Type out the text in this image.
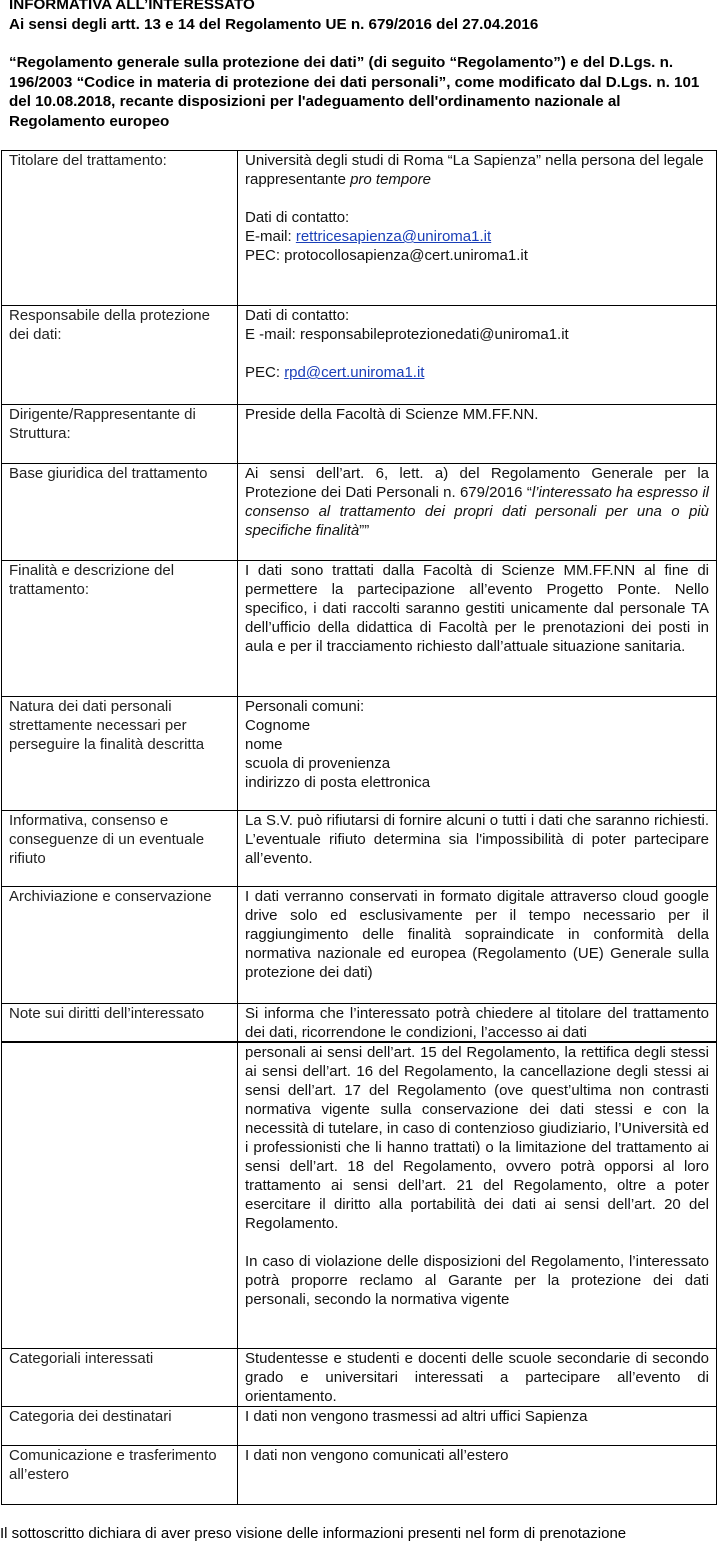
INFORMATIVA ALL’INTERESSATO
Ai sensi degli artt. 13 e 14 del Regolamento UE n. 679/2016 del 27.04.2016
“Regolamento generale sulla protezione dei dati” (di seguito “Regolamento”) e del D.Lgs. n. 196/2003 “Codice in materia di protezione dei dati personali”, come modificato dal D.Lgs. n. 101 del 10.08.2018, recante disposizioni per l'adeguamento dell'ordinamento nazionale al Regolamento europeo
Titolare del trattamento:	Università degli studi di Roma “La Sapienza” nella persona del legale rappresentante pro tempore
Dati di contatto:
E-mail: rettricesapienza@uniroma1.it
PEC: protocollosapienza@cert.uniroma1.it

Responsabile della protezione dei dati:	Dati di contatto:
E -mail: responsabileprotezionedati@uniroma1.it
PEC: rpd@cert.uniroma1.it

Dirigente/Rappresentante di Struttura:	Preside della Facoltà di Scienze MM.FF.NN.
Base giuridica del trattamento	Ai sensi dell’art. 6, lett. a) del Regolamento Generale per la Protezione dei Dati Personali n. 679/2016 “l’interessato ha espresso il consenso al trattamento dei propri dati personali per una o più specifiche finalità””
Finalità e descrizione del trattamento:	I dati sono trattati dalla Facoltà di Scienze MM.FF.NN al fine di permettere la partecipazione all’evento Progetto Ponte. Nello specifico, i dati raccolti saranno gestiti unicamente dal personale TA dell’ufficio della didattica di Facoltà per le prenotazioni dei posti in aula e per il tracciamento richiesto dall’attuale situazione sanitaria.
Natura dei dati personali strettamente necessari per perseguire la finalità descritta	Personali comuni:
Cognome
nome
scuola di provenienza
indirizzo di posta elettronica

Informativa, consenso e conseguenze di un eventuale rifiuto	La S.V. può rifiutarsi di fornire alcuni o tutti i dati che saranno richiesti. L’eventuale rifiuto determina sia l'impossibilità di poter partecipare all’evento.
Archiviazione e conservazione	I dati verranno conservati in formato digitale attraverso cloud google drive solo ed esclusivamente per il tempo necessario per il raggiungimento delle finalità sopraindicate in conformità della normativa nazionale ed europea (Regolamento (UE) Generale sulla protezione dei dati)
Note sui diritti dell’interessato	Si informa che l’interessato potrà chiedere al titolare del trattamento dei dati, ricorrendone le condizioni, l’accesso ai dati

	personali ai sensi dell’art. 15 del Regolamento, la rettifica degli stessi ai sensi dell’art. 16 del Regolamento, la cancellazione degli stessi ai sensi dell’art. 17 del Regolamento (ove quest’ultima non contrasti normativa vigente sulla conservazione dei dati stessi e con la necessità di tutelare, in caso di contenzioso giudiziario, l’Università ed i professionisti che li hanno trattati) o la limitazione del trattamento ai sensi dell’art. 18 del Regolamento, ovvero potrà opporsi al loro trattamento ai sensi dell’art. 21 del Regolamento, oltre a poter esercitare il diritto alla portabilità dei dati ai sensi dell’art. 20 del Regolamento.
In caso di violazione delle disposizioni del Regolamento, l’interessato potrà proporre reclamo al Garante per la protezione dei dati personali, secondo la normativa vigente

Categoriali interessati	Studentesse e studenti e docenti delle scuole secondarie di secondo grado e universitari interessati a partecipare all’evento di orientamento.
Categoria dei destinatari	I dati non vengono trasmessi ad altri uffici Sapienza
Comunicazione e trasferimento all’estero	I dati non vengono comunicati all’estero
Il sottoscritto dichiara di aver preso visione delle informazioni presenti nel form di prenotazione
